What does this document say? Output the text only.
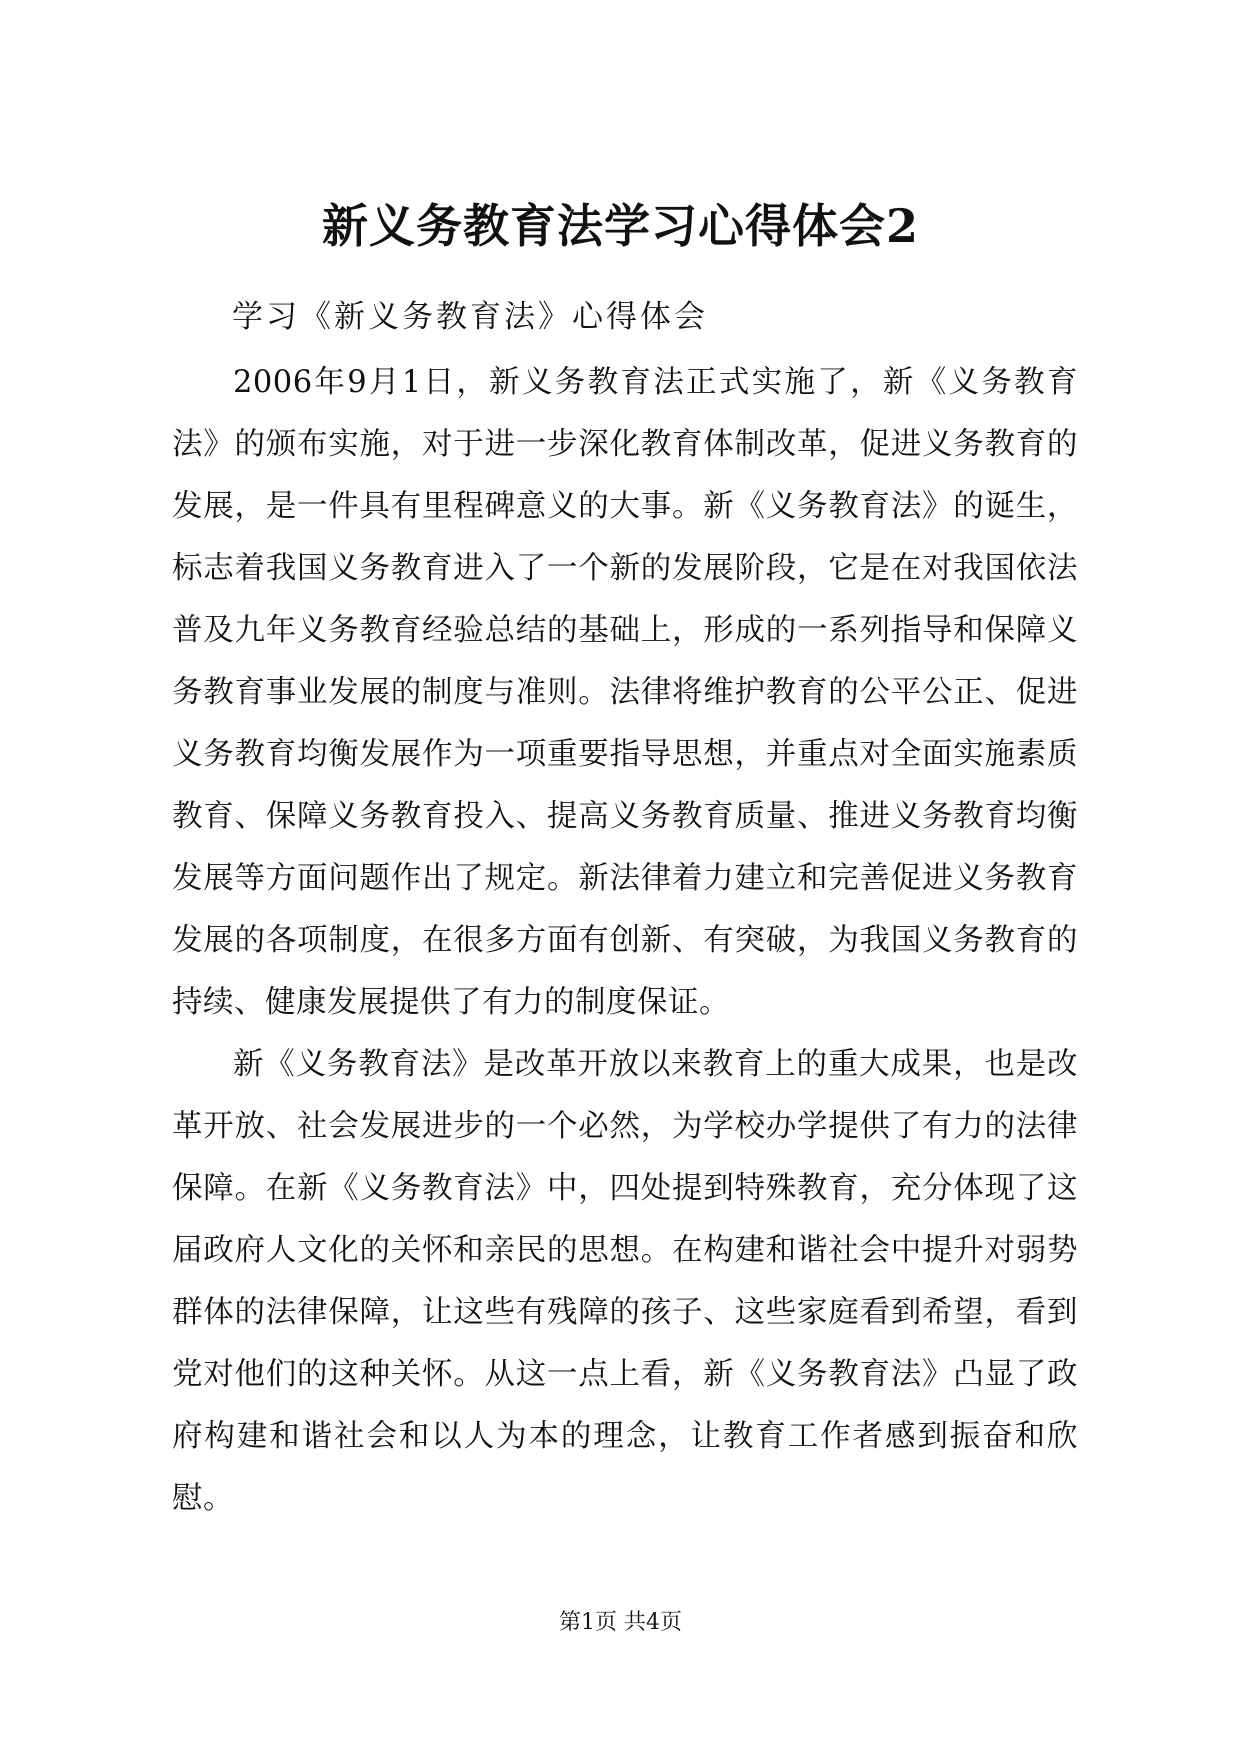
新义务教育法学习心得体会2
学习《新义务教育法》心得体会

2006年9月1日，新义务教育法正式实施了，新《义务教育法》的颁布实施，对于进一步深化教育体制改革，促进义务教育的发展，是一件具有里程碑意义的大事。新《义务教育法》的诞生，标志着我国义务教育进入了一个新的发展阶段，它是在对我国依法普及九年义务教育经验总结的基础上，形成的一系列指导和保障义务教育事业发展的制度与准则。法律将维护教育的公平公正、促进义务教育均衡发展作为一项重要指导思想，并重点对全面实施素质教育、保障义务教育投入、提高义务教育质量、推进义务教育均衡发展等方面问题作出了规定。新法律着力建立和完善促进义务教育发展的各项制度，在很多方面有创新、有突破，为我国义务教育的持续、健康发展提供了有力的制度保证。

新《义务教育法》是改革开放以来教育上的重大成果，也是改革开放、社会发展进步的一个必然，为学校办学提供了有力的法律保障。在新《义务教育法》中，四处提到特殊教育，充分体现了这届政府人文化的关怀和亲民的思想。在构建和谐社会中提升对弱势群体的法律保障，让这些有残障的孩子、这些家庭看到希望，看到党对他们的这种关怀。从这一点上看，新《义务教育法》凸显了政府构建和谐社会和以人为本的理念，让教育工作者感到振奋和欣慰。

第1页 共4页
